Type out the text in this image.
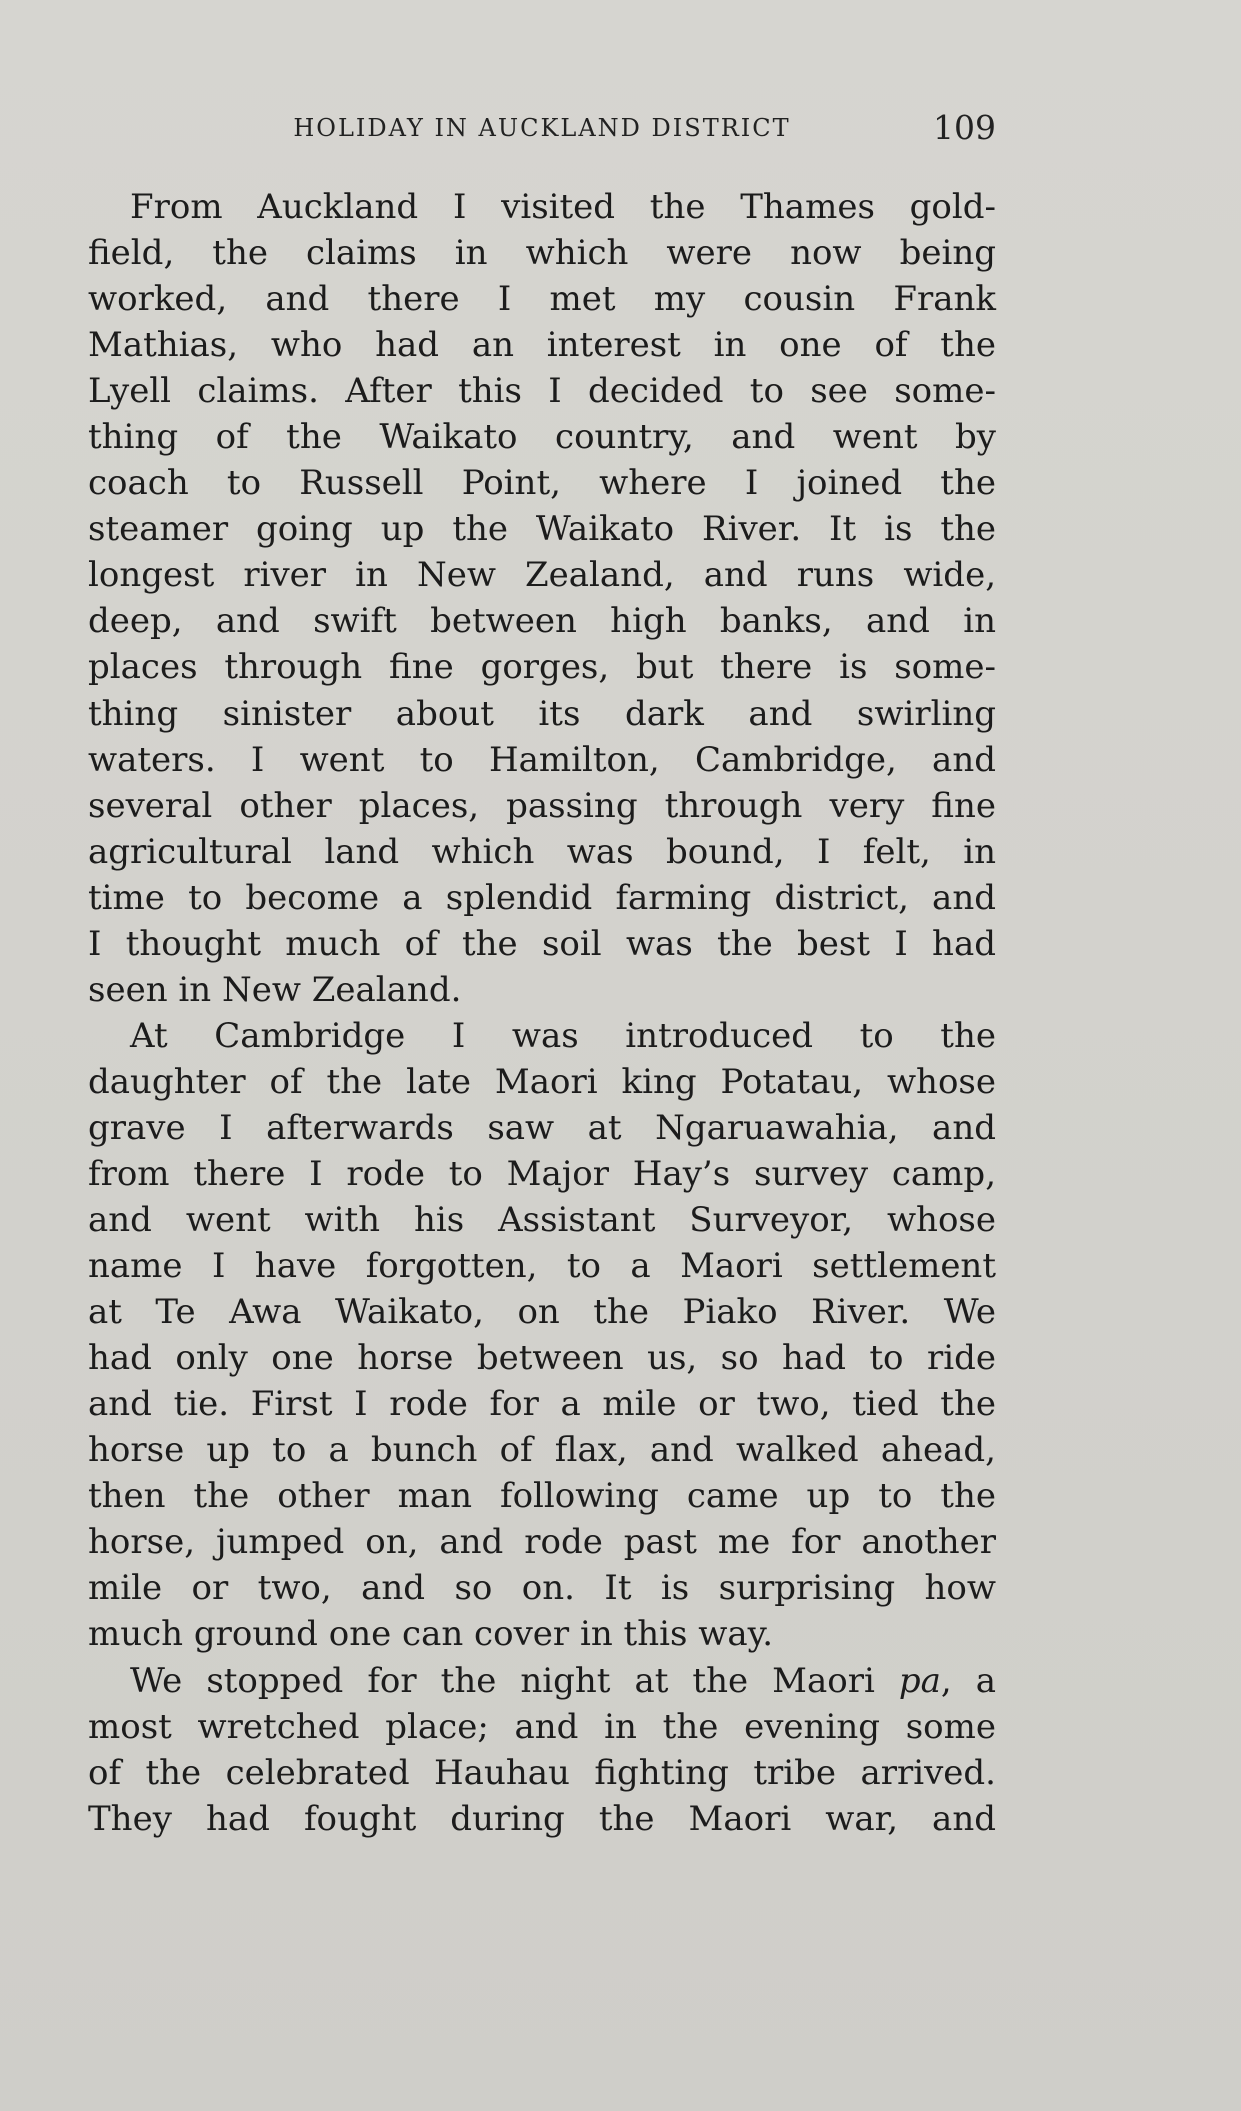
HOLIDAY IN AUCKLAND DISTRICT	109
From Auckland I visited the Thames gold-
field, the claims in which were now being
worked, and there I met my cousin Frank
Mathias, who had an interest in one of the
Lyell claims. After this I decided to see some-
thing of the Waikato country, and went by
coach to Russell Point, where I joined the
steamer going up the Waikato River. It is the
longest river in New Zealand, and runs wide,
deep, and swift between high banks, and in
places through fine gorges, but there is some-
thing sinister about its dark and swirling
waters. I went to Hamilton, Cambridge, and
several other places, passing through very fine
agricultural land which was bound, I felt, in
time to become a splendid farming district, and
I thought much of the soil was the best I had
seen in New Zealand.
At Cambridge I was introduced to the
daughter of the late Maori king Potatau, whose
grave I afterwards saw at Ngaruawahia, and
from there I rode to Major Hay’s survey camp,
and went with his Assistant Surveyor, whose
name I have forgotten, to a Maori settlement
at Te Awa Waikato, on the Piako River. We
had only one horse between us, so had to ride
and tie. First I rode for a mile or two, tied the
horse up to a bunch of flax, and walked ahead,
then the other man following came up to the
horse, jumped on, and rode past me for another
mile or two, and so on. It is surprising how
much ground one can cover in this way.
We stopped for the night at the Maori pa, a
most wretched place; and in the evening some
of the celebrated Hauhau fighting tribe arrived.
They had fought during the Maori war, and
